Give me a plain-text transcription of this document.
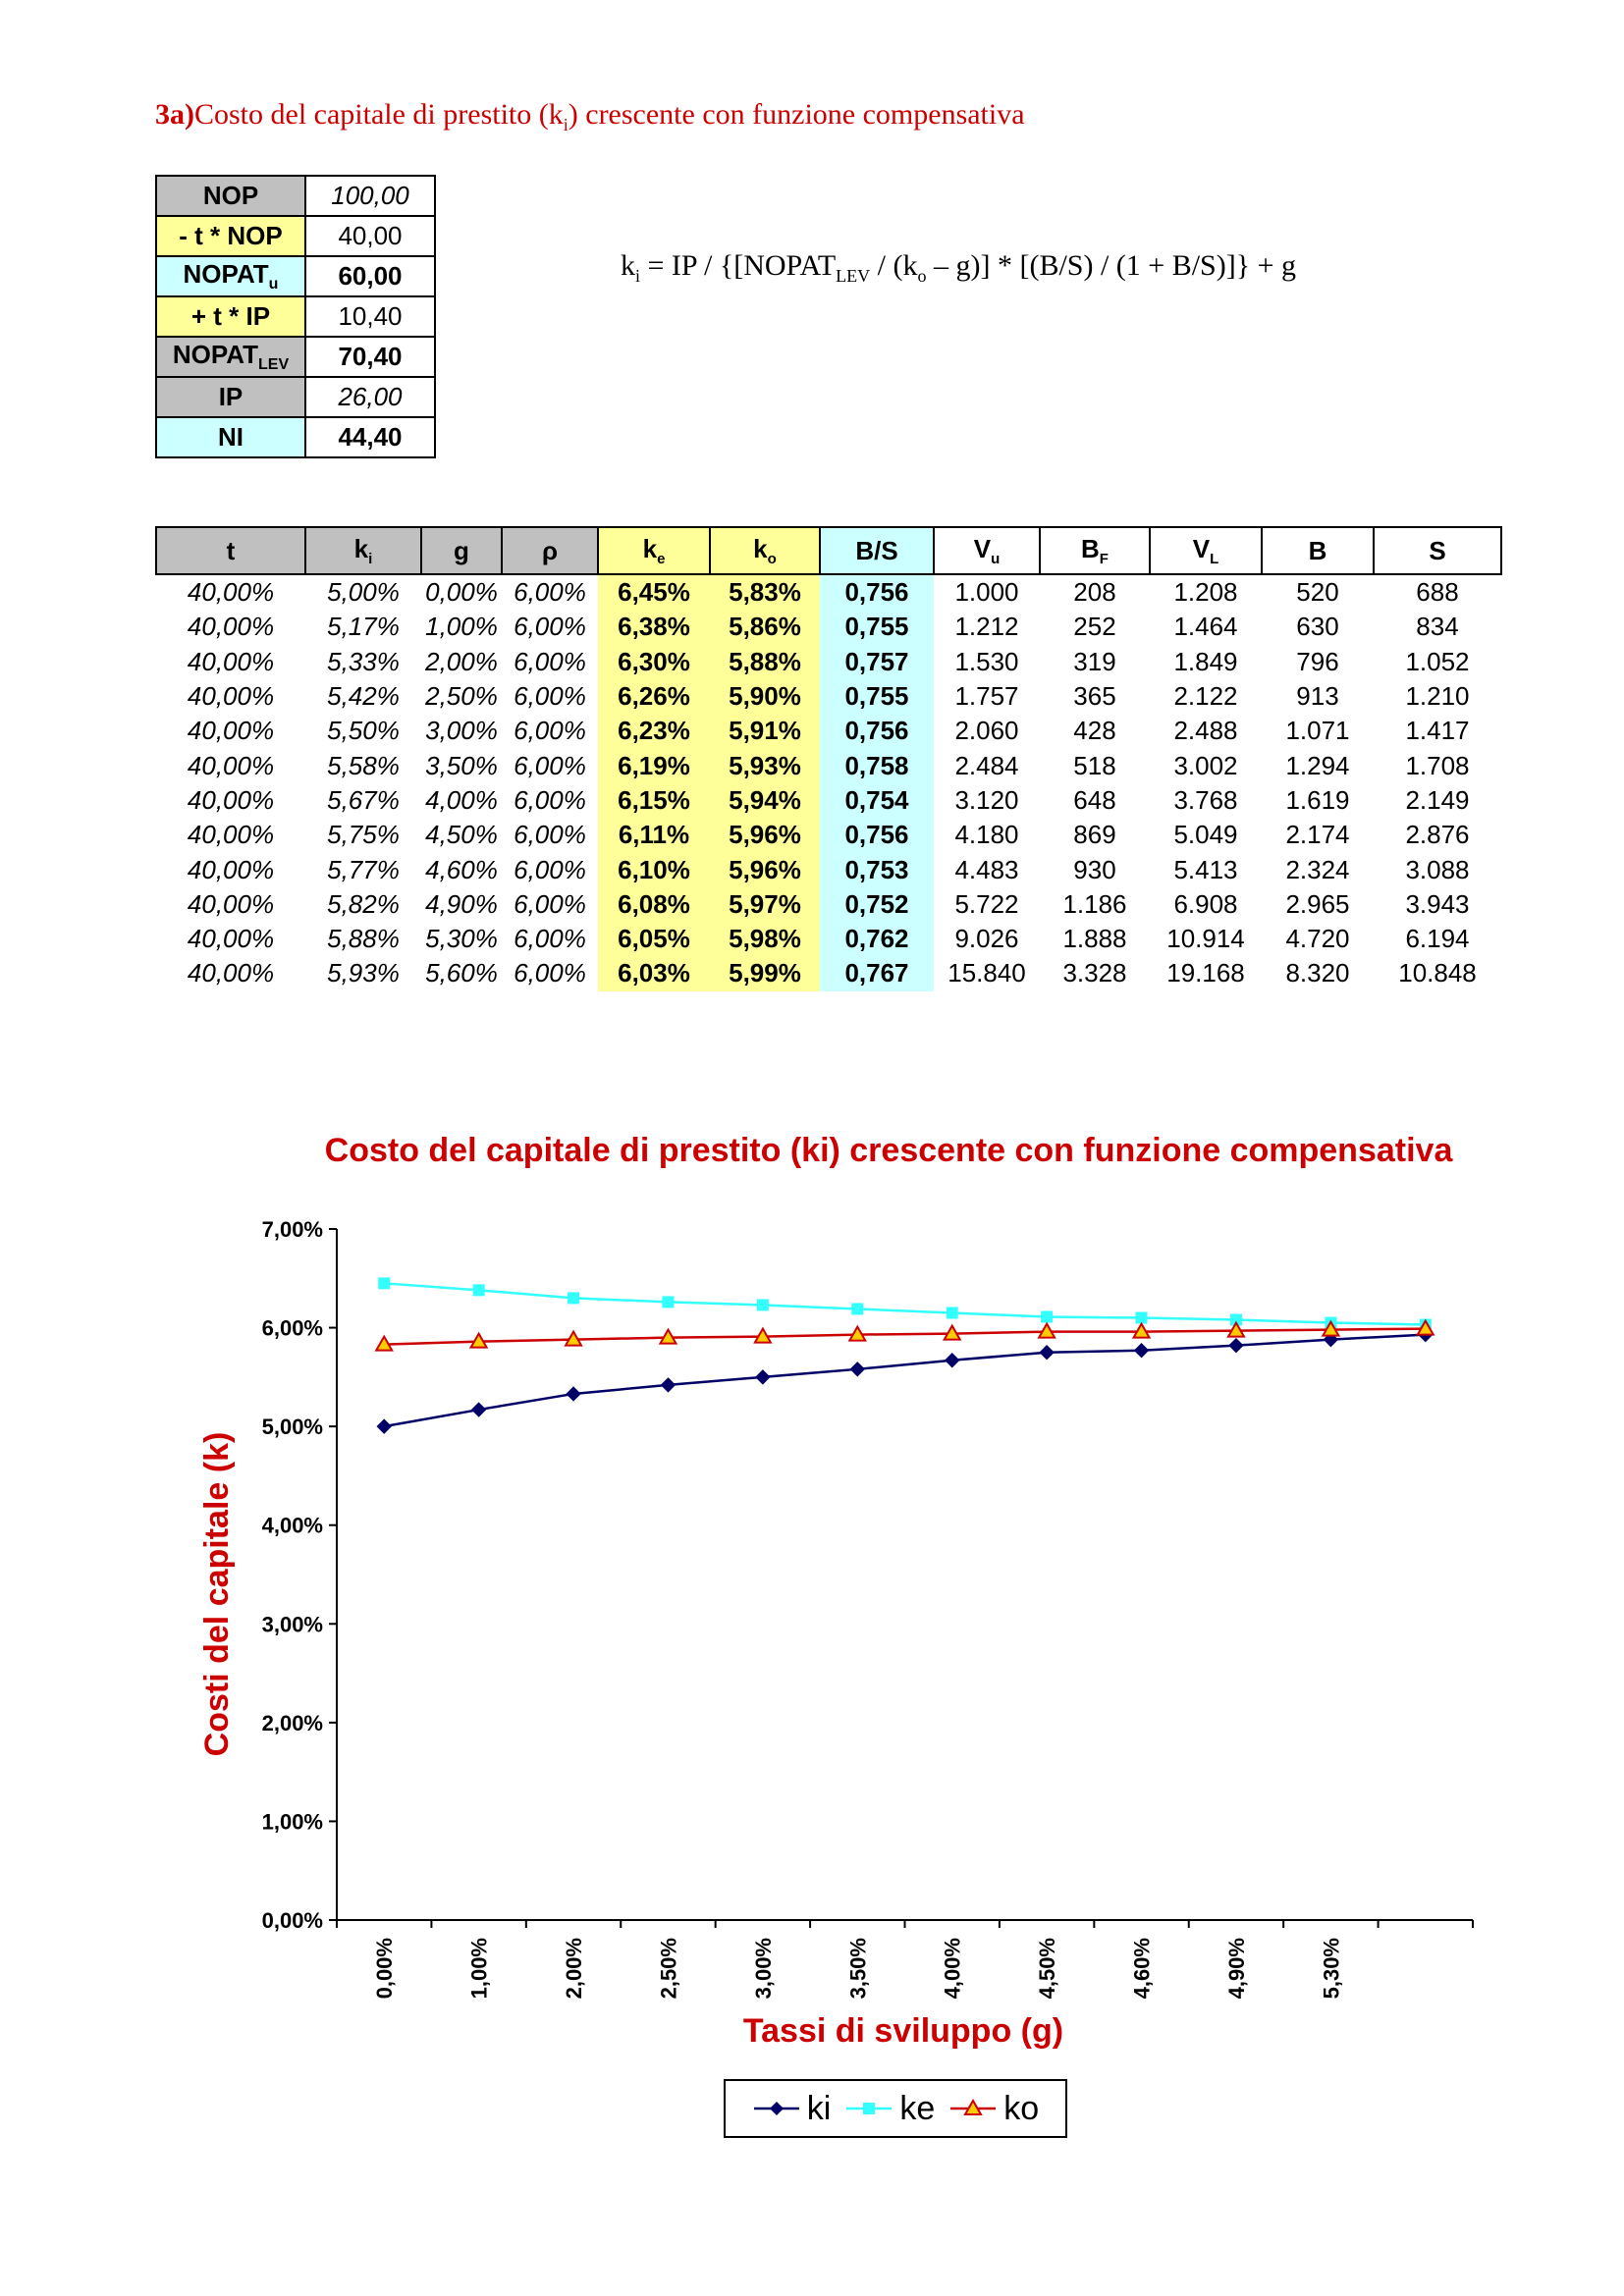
3a)Costo del capitale di prestito $(k_i)$ crescente con funzione compensativa
NOP	100,00
- t * NOP	40,00
$NOPAT_u$	60,00
+ t * IP	10,40
$NOPAT_{LEV}$	70,40
IP	26,00
NI	44,40
$k_i$ = IP / $\{[NOPAT_{LEV} / (k_o - g)] * [(B/S) / (1 + B/S)]\} + g$
t	$k_i$	g	ρ	$k_e$	$k_o$	B/S	$V_u$	$B_F$	$V_L$	B	S
40,00%	5,00%	0,00%	6,00%	6,45%	5,83%	0,756	1.000	208	1.208	520	688
40,00%	5,17%	1,00%	6,00%	6,38%	5,86%	0,755	1.212	252	1.464	630	834
40,00%	5,33%	2,00%	6,00%	6,30%	5,88%	0,757	1.530	319	1.849	796	1.052
40,00%	5,42%	2,50%	6,00%	6,26%	5,90%	0,755	1.757	365	2.122	913	1.210
40,00%	5,50%	3,00%	6,00%	6,23%	5,91%	0,756	2.060	428	2.488	1.071	1.417
40,00%	5,58%	3,50%	6,00%	6,19%	5,93%	0,758	2.484	518	3.002	1.294	1.708
40,00%	5,67%	4,00%	6,00%	6,15%	5,94%	0,754	3.120	648	3.768	1.619	2.149
40,00%	5,75%	4,50%	6,00%	6,11%	5,96%	0,756	4.180	869	5.049	2.174	2.876
40,00%	5,77%	4,60%	6,00%	6,10%	5,96%	0,753	4.483	930	5.413	2.324	3.088
40,00%	5,82%	4,90%	6,00%	6,08%	5,97%	0,752	5.722	1.186	6.908	2.965	3.943
40,00%	5,88%	5,30%	6,00%	6,05%	5,98%	0,762	9.026	1.888	10.914	4.720	6.194
40,00%	5,93%	5,60%	6,00%	6,03%	5,99%	0,767	15.840	3.328	19.168	8.320	10.848
Costo del capitale di prestito (ki) crescente con funzione compensativa
0,00%
1,00%
2,00%
3,00%
4,00%
5,00%
6,00%
7,00%
0,00%	1,00%	2,00%	2,50%	3,00%	3,50%	4,00%	4,50%	4,60%	4,90%	5,30%
Costi del capitale (k)
Tassi di sviluppo (g)
ki ke ko
